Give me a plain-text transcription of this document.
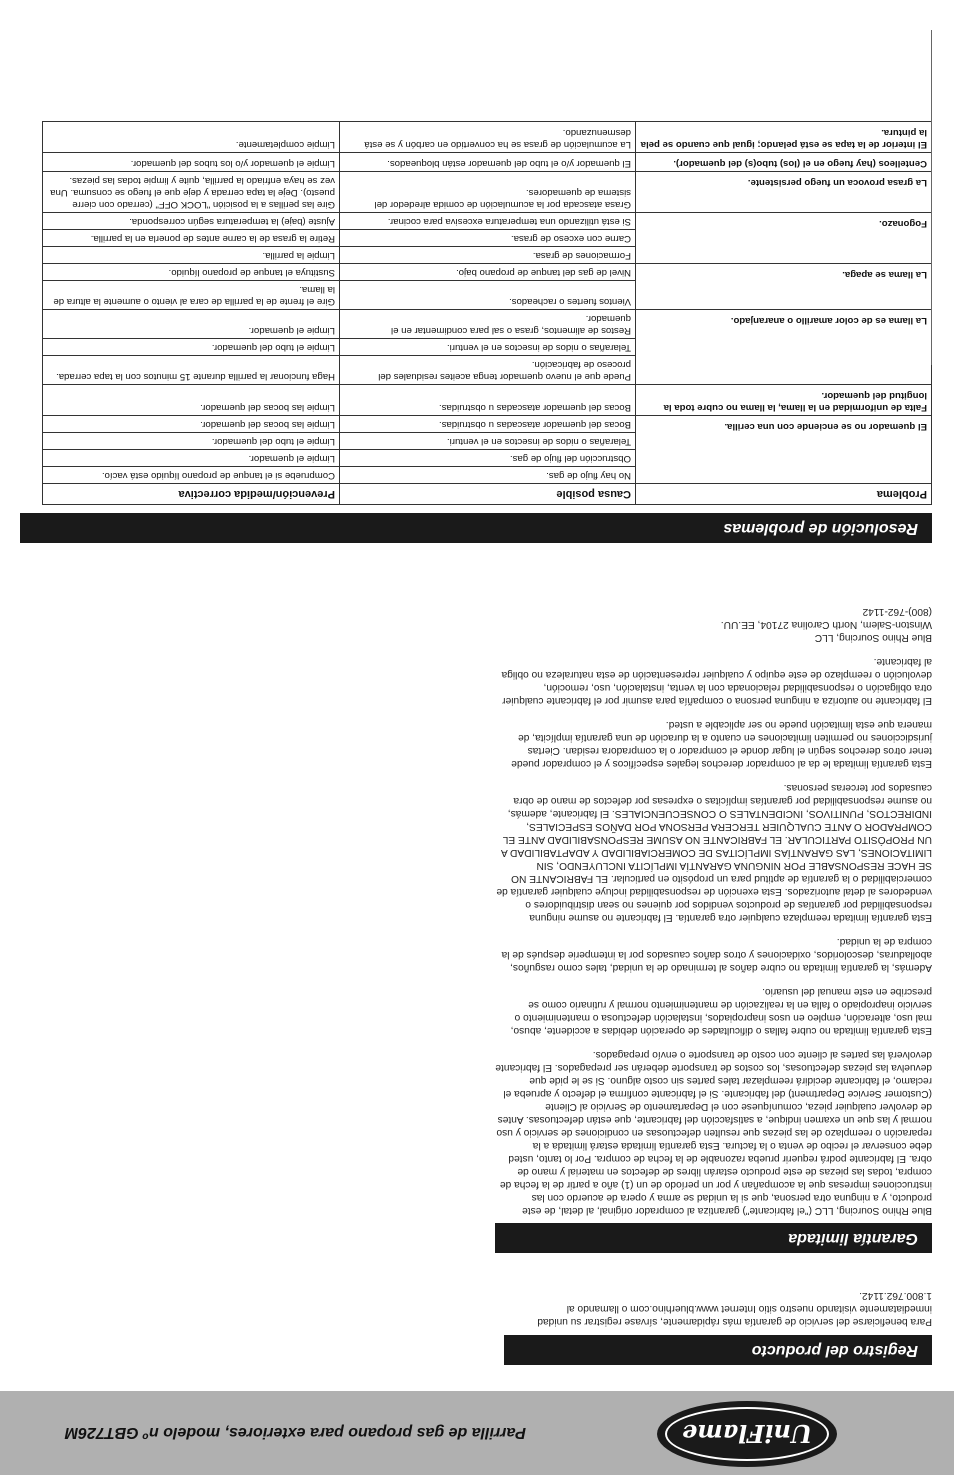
UniFlame
Parrilla de gas propano para exteriores, modelo nº GBT726M
Registro del producto

Para beneficiarse del servicio de garantía más rápidamente, sírvase registrar su unidad inmediatamente visitando nuestro sitio Internet www.bluerhino.com o llamando al 1.800.762.1142.

Garantía limitada

Blue Rhino Sourcing, LLC ("el fabricante") garantiza al comprador original, al detal, de este producto, y a ninguna otra persona, que si la unidad se arma y opera de acuerdo con las instrucciones impresas que la acompañan y por un período de un (1) año a partir de la fecha de compra, todas las piezas de este producto estarán libres de defectos en material y mano de obra. El fabricante podrá requerir prueba razonable de la fecha de compra. Por lo tanto, usted debe conservar el recibo de venta o la factura. Esta garantía limitada estará limitada a la reparación o reemplazo de las piezas que resulten defectuosas en condiciones de servicio y uso normal y las que un examen indique, a satisfacción del fabricante, que están defectuosas. Antes de devolver cualquier pieza, comuníquese con el Departamento de Servicio al Cliente (Customer Service Department) del fabricante. Si el fabricante confirma el defecto y aprueba el reclamo, el fabricante decidirá reemplazar tales partes sin costo alguno. Si se le pide que devuelva las piezas defectuosas, los costos de transporte deberán ser prepagados. El fabricante devolverá las partes al cliente con costo de transporte o envío prepagados.

Esta garantía limitada no cubre fallas o dificultades de operación debidas a accidente, abuso, mal uso, alteración, empleo en usos inapropiados, instalación defectuosa o mantenimiento o servicio inapropiado o falla en la realización de mantenimiento normal y rutinario como se prescribe en este manual del usuario.

Además, la garantía limitada no cubre daños al terminado de la unidad, tales como rasguños, abolladuras, descoloridos, oxidaciones y otros daños causados por la intemperie después de la compra de la unidad.

Esta garantía limitada reemplaza cualquier otra garantía. El fabricante no asume ninguna responsabilidad por garantías de productos vendidos por quienes no sean distribuidores o vendedores al detal autorizados. Esta exención de responsabilidad incluye cualquier garantía de comerciabilidad o la garantía de aptitud para un propósito en particular. EL FABRICANTE NO SE HACE RESPONSABLE POR NINGUNA GARANTÍA IMPLÍCITA INCLUYENDO, SIN LIMITACIONES, LAS GARANTÍAS IMPLÍCITAS DE COMERCIABILIDAD Y ADAPTABILIDAD A UN PROPÓSITO PARTICULAR. EL FABRICANTE NO ASUME RESPONSABILIDAD ANTE EL COMPRADOR O ANTE CUALQUIER TERCERA PERSONA POR DAÑOS ESPECIALES, INDIRECTOS, PUNITIVOS, INCIDENTALES O CONSECUENCIALES. El fabricante, además, no asume responsabilidad por garantías implícitas o expresas por defectos de mano de obra causados por terceras personas.

Esta garantía limitada le da al comprador derechos legales específicos y el comprador puede tener otros derechos según el lugar donde el comprador o la compradora residan. Ciertas jurisdicciones no permiten limitaciones en cuanto a la duración de una garantía implícita, de manera que esta limitación puede no ser aplicable a usted.

El fabricante no autoriza a ninguna persona o compañía para asumir por el fabricante cualquier otra obligación o responsabilidad relacionada con la venta, instalación, uso, remoción, devolución o reemplazo de este equipo y cualquier representación de esta naturaleza no obliga al fabricante.

Blue Rhino Sourcing, LLC
Winston-Salem, North Carolina 27104, EE.UU.
(800)-762-1142

Resolución de problemas
Problema	Causa posible	Prevención/medida correctiva
El quemador no se enciende con una cerilla.	No hay flujo de gas.	Compruebe si el tanque de propano líquido está vacío.
	Obstrucción del flujo de gas.	Limpie el quemador.
	Telarañas o nidos de insectos en el venturi.	Limpie el tubo del quemador.
	Bocas del quemador atascadas u obstruidas.	Limpie las bocas del quemador.
Falta de uniformidad en la llama, la llama no cubre toda la longitud del quemador.	Bocas del quemador atascadas u obstruidas.	Limpie las bocas del quemador.
La llama es de color amarillo o anaranjado.	Puede que el nuevo quemador tenga aceites residuales del proceso de fabricación.	Haga funcionar la parrilla durante 15 minutos con la tapa cerrada.
	Telarañas o nidos de insectos en el venturi.	Limpie el tubo del quemador.
	Restos de alimentos, grasa o sal para condimentar en el quemador.	Limpie el quemador.
La llama se apaga.	Vientos fuertes o racheados.	Gire el frente de la parrilla de cara al viento o aumente la altura de la llama.
	Nivel de gas del tanque de propano bajo.	Sustituya el tanque de propano líquido.
Fogonazo.	Formaciones de grasa.	Limpie la parrilla.
	Carne con exceso de grasa.	Retire la grasa de la carne antes de ponerla en la parrilla.
	Si está utilizando una temperatura excesiva para cocinar.	Ajuste (baje) la temperatura según corresponda.
La grasa provoca un fuego persistente.	Grasa atascada por la acumulación de comida alrededor del sistema de quemadores.	Gire las perillas a la posición "LOCK OFF" (cerrado con cierre puesto). Deje la tapa cerrada y deje que el fuego se consuma. Una vez se haya enfriado la parrilla, quite y limpie todas las piezas.
Centelleos (hay fuego en el (los) tubo(s) del quemador).	El quemador y/o el tubo del quemador están bloqueados.	Limpie el quemador y/o los tubos del quemador.
El interior de la tapa se está pelando; igual que cuando se pela la pintura.	La acumulación de grasa se ha convertido en carbón y se está desmenuzando.	Limpie completamente.
